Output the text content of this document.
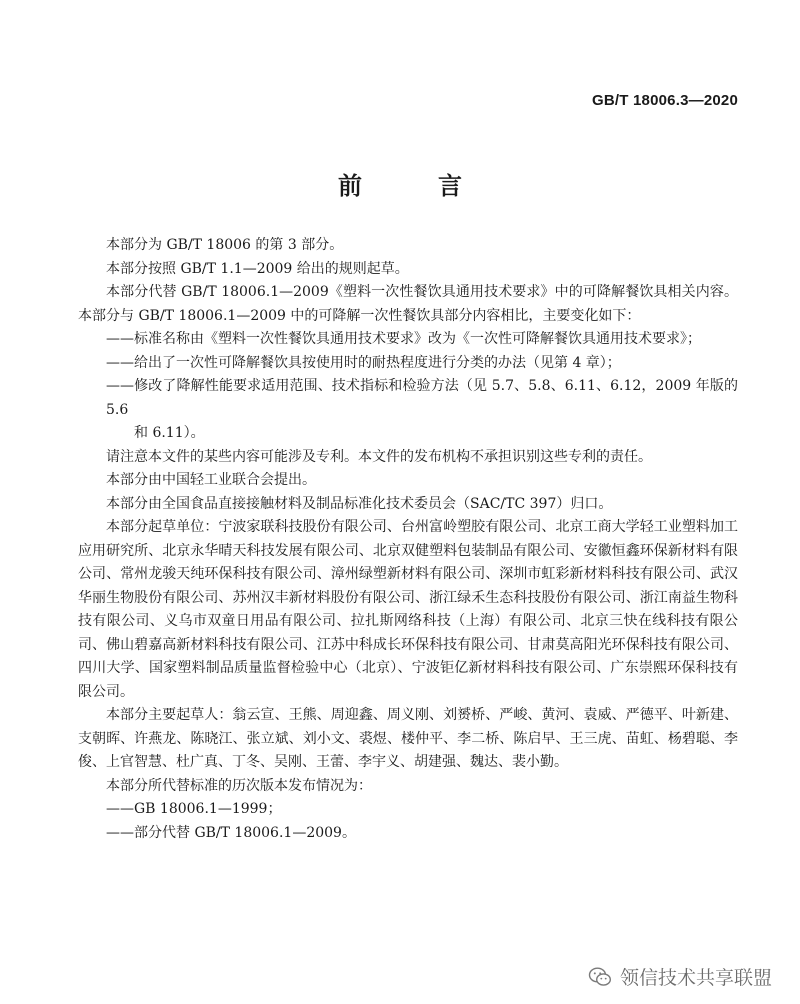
GB/T 18006.3—2020
前　言

本部分为 GB/T 18006 的第 3 部分。

本部分按照 GB/T 1.1—2009 给出的规则起草。

本部分代替 GB/T 18006.1—2009《塑料一次性餐饮具通用技术要求》中的可降解餐饮具相关内容。本部分与 GB/T 18006.1—2009 中的可降解一次性餐饮具部分内容相比，主要变化如下：

——标准名称由《塑料一次性餐饮具通用技术要求》改为《一次性可降解餐饮具通用技术要求》；

——给出了一次性可降解餐饮具按使用时的耐热程度进行分类的办法（见第 4 章）；

——修改了降解性能要求适用范围、技术指标和检验方法（见 5.7、5.8、6.11、6.12，2009 年版的 5.6
和 6.11）。

请注意本文件的某些内容可能涉及专利。本文件的发布机构不承担识别这些专利的责任。

本部分由中国轻工业联合会提出。

本部分由全国食品直接接触材料及制品标准化技术委员会（SAC/TC 397）归口。

本部分起草单位：宁波家联科技股份有限公司、台州富岭塑胶有限公司、北京工商大学轻工业塑料加工应用研究所、北京永华晴天科技发展有限公司、北京双健塑料包装制品有限公司、安徽恒鑫环保新材料有限公司、常州龙骏天纯环保科技有限公司、漳州绿塑新材料有限公司、深圳市虹彩新材料科技有限公司、武汉华丽生物股份有限公司、苏州汉丰新材料股份有限公司、浙江绿禾生态科技股份有限公司、浙江南益生物科技有限公司、义乌市双童日用品有限公司、拉扎斯网络科技（上海）有限公司、北京三快在线科技有限公司、佛山碧嘉高新材料科技有限公司、江苏中科成长环保科技有限公司、甘肃莫高阳光环保科技有限公司、四川大学、国家塑料制品质量监督检验中心（北京）、宁波钜亿新材料科技有限公司、广东崇熙环保科技有限公司。

本部分主要起草人：翁云宣、王熊、周迎鑫、周义刚、刘赟桥、严峻、黄河、袁威、严德平、叶新建、支朝晖、许燕龙、陈晓江、张立斌、刘小文、裘煜、楼仲平、李二桥、陈启早、王三虎、苗虹、杨碧聪、李俊、上官智慧、杜广真、丁冬、吴刚、王蕾、李宇义、胡建强、魏达、裴小勤。

本部分所代替标准的历次版本发布情况为：

——GB 18006.1—1999；

——部分代替 GB/T 18006.1—2009。

领信技术共享联盟
